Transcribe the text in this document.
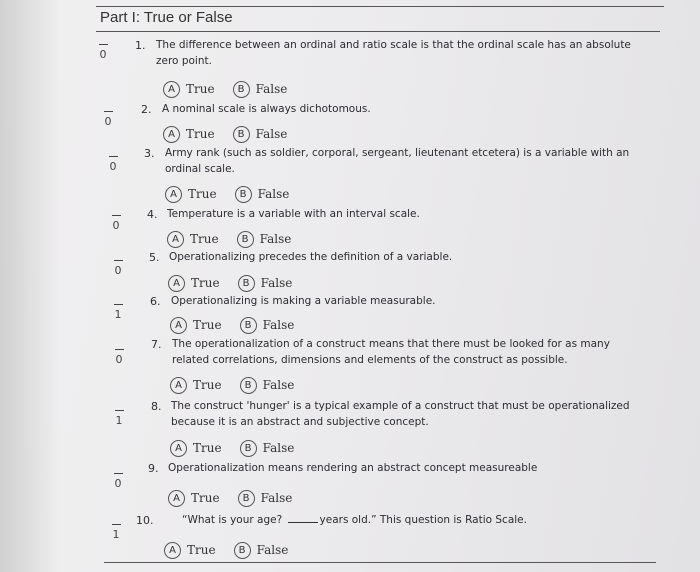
Part I: True or False
0
1. The difference between an ordinal and ratio scale is that the ordinal scale has an absolute
zero point.
A True	B False
0
2. A nominal scale is always dichotomous.
A True	B False
0
3. Army rank (such as soldier, corporal, sergeant, lieutenant etcetera) is a variable with an
ordinal scale.
A True	B False
0
4. Temperature is a variable with an interval scale.
A True	B False
0
5. Operationalizing precedes the definition of a variable.
A True	B False
1
6. Operationalizing is making a variable measurable.
A True	B False
0
7. The operationalization of a construct means that there must be looked for as many
related correlations, dimensions and elements of the construct as possible.
A True	B False
1
8. The construct 'hunger' is a typical example of a construct that must be operationalized
because it is an abstract and subjective concept.
A True	B False
0
9. Operationalization means rendering an abstract concept measureable
A True	B False
1
10.	“What is your age?	years old.” This question is Ratio Scale.
A True	B False
